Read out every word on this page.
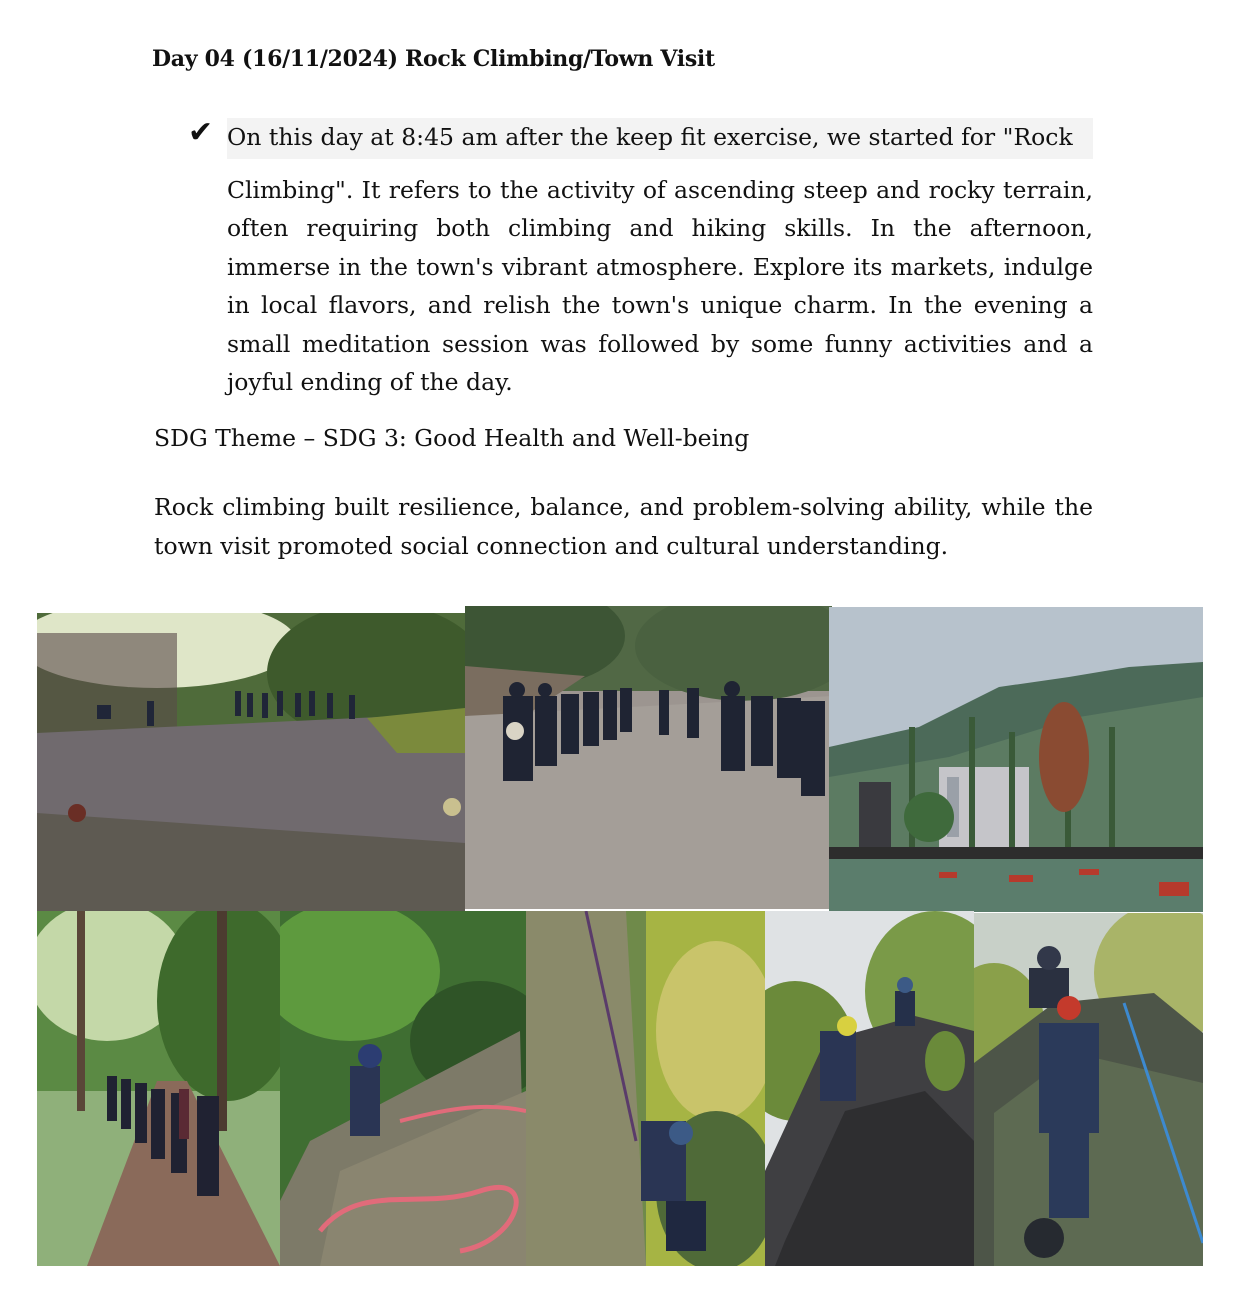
Day 04 (16/11/2024) Rock Climbing/Town Visit
✔ On this day at 8:45 am after the keep fit exercise, we started for "Rock
Climbing". It refers to the activity of ascending steep and rocky terrain, often requiring both climbing and hiking skills. In the afternoon, immerse in the town's vibrant atmosphere. Explore its markets, indulge in local flavors, and relish the town's unique charm. In the evening a small meditation session was followed by some funny activities and a joyful ending of the day.
SDG Theme – SDG 3: Good Health and Well-being
Rock climbing built resilience, balance, and problem-solving ability, while the town visit promoted social connection and cultural understanding.
